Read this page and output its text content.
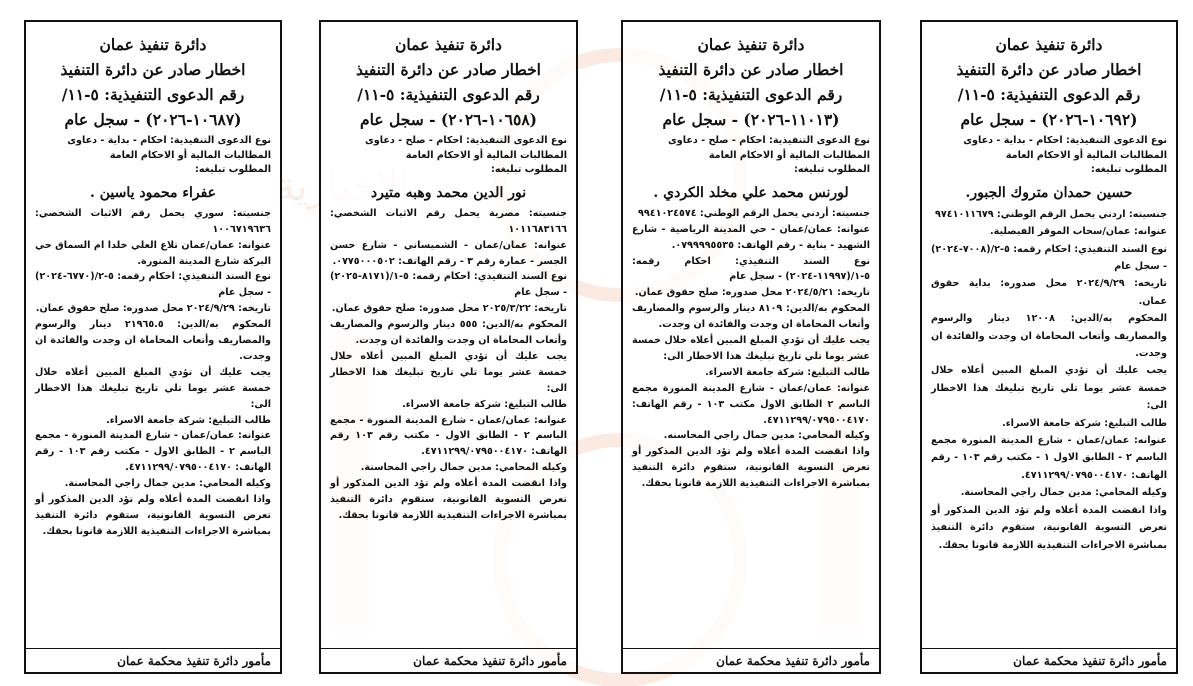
دائرة تنفيذ عمان

اخطار صادر عن دائرة التنفيذ

رقم الدعوى التنفيذية: ٥-١١/

(١٠٦٨٧-٢٠٢٦) - سجل عام

نوع الدعوى التنفيذية: احكام - بداية - دعاوى المطالبات المالية أو الاحكام العامة

المطلوب تبليغه:

عفراء محمود ياسين .

جنسيته: سوري يحمل رقم الاثبات الشخصي: ١٠٠٦٧١٩٦٣٦

عنوانه: عمان/عمان تلاع العلي خلدا ام السماق حي البركة شارع المدينة المنورة.

نوع السند التنفيذي: احكام رقمه: ٥-٢/(٦٧٧٠-٢٠٢٤) - سجل عام

تاريخه: ٢٠٢٤/٩/٢٩ محل صدوره: صلح حقوق عمان.

المحكوم به/الدين: ٢١٩٦٥.٥ دينار والرسوم والمصاريف وأتعاب المحاماة ان وجدت والفائدة ان وجدت.

يجب عليك أن تؤدي المبلغ المبين أعلاه خلال خمسة عشر يوما تلي تاريخ تبليغك هذا الاخطار الى:

طالب التبليغ: شركة جامعة الاسراء.

عنوانه: عمان/عمان - شارع المدينة المنورة - مجمع الباسم ٢ - الطابق الاول - مكتب رقم ١٠٣ - رقم الهاتف: ٤٧١١٢٩٩/٠٧٩٥٠٠٤١٧٠.

وكيله المحامي: مدين جمال راجي المحاسنة.

واذا انقضت المدة أعلاه ولم تؤد الدين المذكور أو تعرض التسوية القانونية، ستقوم دائرة التنفيذ بمباشرة الاجراءات التنفيذية اللازمة قانونا بحقك.

مأمور دائرة تنفيذ محكمة عمان

دائرة تنفيذ عمان

اخطار صادر عن دائرة التنفيذ

رقم الدعوى التنفيذية: ٥-١١/

(١٠٦٥٨-٢٠٢٦) - سجل عام

نوع الدعوى التنفيذية: احكام - صلح - دعاوى المطالبات المالية أو الاحكام العامة

المطلوب تبليغه:

نور الدين محمد وهبه متيرد

جنسيته: مصرية يحمل رقم الاثبات الشخصي: ١٠١١٦٨٣١٦٦

عنوانه: عمان/عمان - الشميساني - شارع حسن الجسر - عمارة رقم ٣ - رقم الهاتف: ٠٧٧٥٠٠٠٥٠٢.

نوع السند التنفيذي: احكام رقمه: ٥-١/(٨١٧١-٢٠٢٥) - سجل عام

تاريخه: ٢٠٢٥/٣/٢٢ محل صدوره: صلح حقوق عمان.

المحكوم به/الدين: ٥٥٥ دينار والرسوم والمصاريف وأتعاب المحاماة ان وجدت والفائدة ان وجدت.

يجب عليك أن تؤدي المبلغ المبين أعلاه خلال خمسة عشر يوما تلي تاريخ تبليغك هذا الاخطار الى:

طالب التبليغ: شركة جامعة الاسراء.

عنوانه: عمان/عمان - شارع المدينة المنورة - مجمع الباسم ٢ - الطابق الاول - مكتب رقم ١٠٣ رقم الهاتف: ٤٧١١٢٩٩/٠٧٩٥٠٠٤١٧٠.

وكيله المحامي: مدين جمال راجي المحاسنة.

واذا انقضت المدة أعلاه ولم تؤد الدين المذكور أو تعرض التسوية القانونية، ستقوم دائرة التنفيذ بمباشرة الاجراءات التنفيذية اللازمة قانونا بحقك.

مأمور دائرة تنفيذ محكمة عمان

دائرة تنفيذ عمان

اخطار صادر عن دائرة التنفيذ

رقم الدعوى التنفيذية: ٥-١١/

(١١٠١٣-٢٠٢٦) - سجل عام

نوع الدعوى التنفيذية: احكام - صلح - دعاوى المطالبات المالية أو الاحكام العامة

المطلوب تبليغه:

لورنس محمد علي مخلد الكردي .

جنسيته: أردني يحمل الرقم الوطني: ٩٩٤١٠٢٤٥٧٤

عنوانه: عمان/عمان - حي المدينة الرياضية - شارع الشهيد - بناية - رقم الهاتف: ٠٧٩٩٩٩٥٥٣٥.

نوع السند التنفيذي: احكام رقمه: ٥-١/(١١٩٩٧-٢٠٢٤) - سجل عام

تاريخه: ٢٠٢٤/٥/٢١ محل صدوره: صلح حقوق عمان.

المحكوم به/الدين: ٨١٠٩ دينار والرسوم والمصاريف وأتعاب المحاماة ان وجدت والفائدة ان وجدت.

يجب عليك أن تؤدي المبلغ المبين أعلاه خلال خمسة عشر يوما تلي تاريخ تبليغك هذا الاخطار الى:

طالب التبليغ: شركة جامعة الاسراء.

عنوانه: عمان/عمان - شارع المدينة المنورة مجمع الباسم ٢ الطابق الاول مكتب ١٠٣ - رقم الهاتف: ٤٧١١٢٩٩/٠٧٩٥٠٠٤١٧٠.

وكيله المحامي: مدين جمال راجي المحاسنه.

واذا انقضت المدة أعلاه ولم تؤد الدين المذكور أو تعرض التسوية القانونية، ستقوم دائرة التنفيذ بمباشرة الاجراءات التنفيذية اللازمة قانونا بحقك.

مأمور دائرة تنفيذ محكمة عمان

دائرة تنفيذ عمان

اخطار صادر عن دائرة التنفيذ

رقم الدعوى التنفيذية: ٥-١١/

(١٠٦٩٢-٢٠٢٦) - سجل عام

نوع الدعوى التنفيذية: احكام - بداية - دعاوى المطالبات المالية أو الاحكام العامة

المطلوب تبليغه:

حسين حمدان متروك الجبور.

جنسيته: اردني يحمل الرقم الوطني: ٩٧٤١٠١١٦٧٩

عنوانه: عمان/سحاب الموقر الفيصلية.

نوع السند التنفيذي: احكام رقمه: ٥-٢/(٧٠٠٨-٢٠٢٤) - سجل عام

تاريخه: ٢٠٢٤/٩/٢٩ محل صدوره: بداية حقوق عمان.

المحكوم به/الدين: ١٢٠٠٨ دينار والرسوم والمصاريف وأتعاب المحاماة ان وجدت والفائدة ان وجدت.

يجب عليك أن تؤدي المبلغ المبين أعلاه خلال خمسة عشر يوما تلي تاريخ تبليغك هذا الاخطار الى:

طالب التبليغ: شركة جامعة الاسراء.

عنوانه: عمان/عمان - شارع المدينة المنورة مجمع الباسم ٢ - الطابق الاول ١ - مكتب رقم ١٠٣ - رقم الهاتف: ٤٧١١٢٩٩/٠٧٩٥٠٠٤١٧٠.

وكيله المحامي: مدين جمال راجي المحاسنة.

واذا انقضت المدة أعلاه ولم تؤد الدين المذكور أو تعرض التسوية القانونية، ستقوم دائرة التنفيذ بمباشرة الاجراءات التنفيذية اللازمة قانونا بحقك.

مأمور دائرة تنفيذ محكمة عمان
